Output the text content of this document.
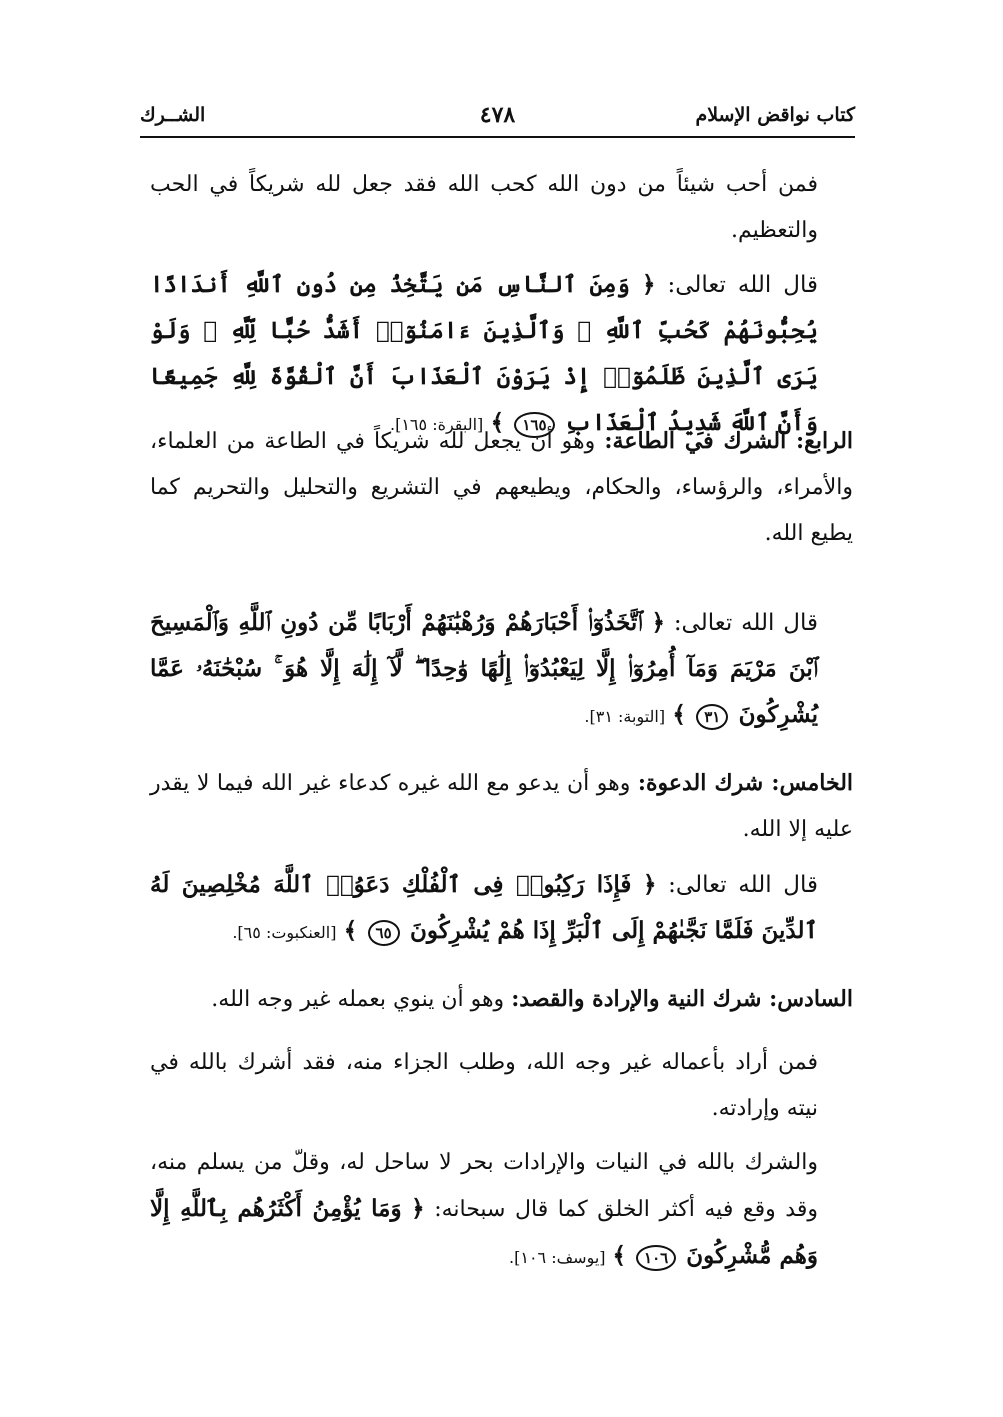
كتاب نواقض الإسلام
٤٧٨
الشــرك
فمن أحب شيئاً من دون الله كحب الله فقد جعل لله شريكاً في الحب والتعظيم.
قال الله تعالى: ﴿ وَمِنَ ٱلنَّاسِ مَن يَتَّخِذُ مِن دُونِ ٱللَّهِ أَندَادًا يُحِبُّونَهُمْ كَحُبِّ ٱللَّهِ ۖ وَٱلَّذِينَ ءَامَنُوٓا۟ أَشَدُّ حُبًّا لِّلَّهِ ۗ وَلَوْ يَرَى ٱلَّذِينَ ظَلَمُوٓا۟ إِذْ يَرَوْنَ ٱلْعَذَابَ أَنَّ ٱلْقُوَّةَ لِلَّهِ جَمِيعًا وَأَنَّ ٱللَّهَ شَدِيدُ ٱلْعَذَابِ ١٦٥ ﴾ [البقرة: ١٦٥].
الرابع: الشرك في الطاعة: وهو أن يجعل لله شريكاً في الطاعة من العلماء، والأمراء، والرؤساء، والحكام، ويطيعهم في التشريع والتحليل والتحريم كما يطيع الله.
قال الله تعالى: ﴿ ٱتَّخَذُوٓا۟ أَحْبَارَهُمْ وَرُهْبَٰنَهُمْ أَرْبَابًا مِّن دُونِ ٱللَّهِ وَٱلْمَسِيحَ ٱبْنَ مَرْيَمَ وَمَآ أُمِرُوٓا۟ إِلَّا لِيَعْبُدُوٓا۟ إِلَٰهًا وَٰحِدًا ۖ لَّآ إِلَٰهَ إِلَّا هُوَ ۚ سُبْحَٰنَهُۥ عَمَّا يُشْرِكُونَ ٣١ ﴾ [التوبة: ٣١].
الخامس: شرك الدعوة: وهو أن يدعو مع الله غيره كدعاء غير الله فيما لا يقدر عليه إلا الله.
قال الله تعالى: ﴿ فَإِذَا رَكِبُوا۟ فِى ٱلْفُلْكِ دَعَوُا۟ ٱللَّهَ مُخْلِصِينَ لَهُ ٱلدِّينَ فَلَمَّا نَجَّىٰهُمْ إِلَى ٱلْبَرِّ إِذَا هُمْ يُشْرِكُونَ ٦٥ ﴾ [العنكبوت: ٦٥].
السادس: شرك النية والإرادة والقصد: وهو أن ينوي بعمله غير وجه الله.
فمن أراد بأعماله غير وجه الله، وطلب الجزاء منه، فقد أشرك بالله في نيته وإرادته.
والشرك بالله في النيات والإرادات بحر لا ساحل له، وقلّ من يسلم منه، وقد وقع فيه أكثر الخلق كما قال سبحانه: ﴿ وَمَا يُؤْمِنُ أَكْثَرُهُم بِٱللَّهِ إِلَّا وَهُم مُّشْرِكُونَ ١٠٦ ﴾ [يوسف: ١٠٦].
